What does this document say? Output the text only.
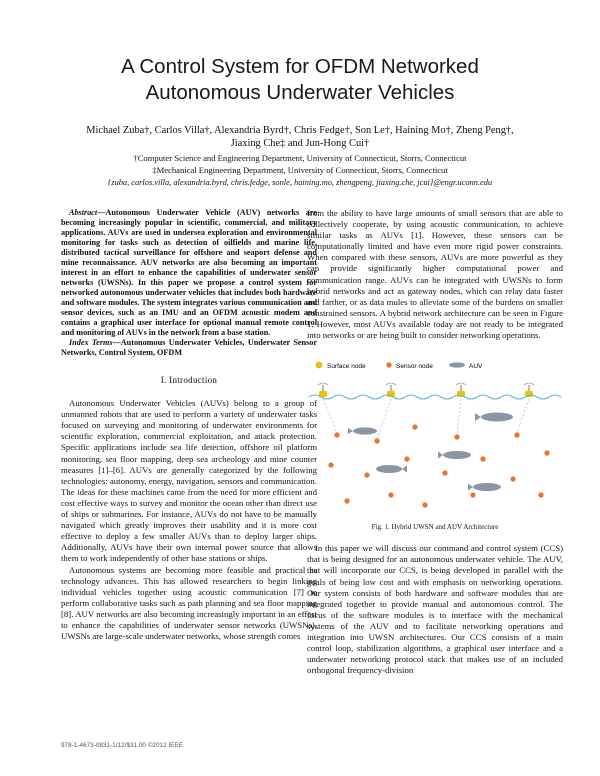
A Control System for OFDM Networked
Autonomous Underwater Vehicles
Michael Zuba†, Carlos Villa†, Alexandria Byrd†, Chris Fedge†, Son Le†, Haining Mo†, Zheng Peng†,
Jiaxing Che‡ and Jun-Hong Cui†
†Computer Science and Engineering Department, University of Connecticut, Storrs, Connecticut
‡Mechanical Engineering Department, University of Connecticut, Storrs, Connecticut
{zuba, carlos.villa, alexandria.byrd, chris.fedge, sonle, haining.mo, zhengpeng, jiaxing.che, jcui}@engr.uconn.edu

Abstract—Autonomous Underwater Vehicle (AUV) networks are becoming increasingly popular in scientific, commercial, and military applications. AUVs are used in undersea exploration and environmental monitoring for tasks such as detection of oilfields and marine life, distributed tactical surveillance for offshore and seaport defense and mine reconnaissance. AUV networks are also becoming an important interest in an effort to enhance the capabilities of underwater sensor networks (UWSNs). In this paper we propose a control system for networked autonomous underwater vehicles that includes both hardware and software modules. The system integrates various communication and sensor devices, such as an IMU and an OFDM acoustic modem and contains a graphical user interface for optional manual remote control and monitoring of AUVs in the network from a base station.

Index Terms—Autonomous Underwater Vehicles, Underwater Sensor Networks, Control System, OFDM

I. Introduction

Autonomous Underwater Vehicles (AUVs) belong to a group of unmanned robots that are used to perform a variety of underwater tasks focused on surveying and monitoring of underwater environments for scientific exploration, commercial exploitation, and attack protection. Specific applications include sea life detection, offshore oil platform monitoring, sea floor mapping, deep sea archeology and mine counter measures [1]–[6]. AUVs are generally categorized by the following technologies: autonomy, energy, navigation, sensors and communication. The ideas for these machines came from the need for more efficient and cost effective ways to survey and monitor the ocean other than direct use of ships or submarines. For instance, AUVs do not have to be manually navigated which greatly improves their usability and it is more cost effective to deploy a few smaller AUVs than to deploy larger ships. Additionally, AUVs have their own internal power source that allows them to work independently of other base stations or ships.

Autonomous systems are becoming more feasible and practical as technology advances. This has allowed researchers to begin linking individual vehicles together using acoustic communication [7] to perform collaborative tasks such as path planning and sea floor mapping [8]. AUV networks are also becoming increasingly important in an effort to enhance the capabilities of underwater sensor networks (UWSNs). UWSNs are large-scale underwater networks, whose strength comes

from the ability to have large amounts of small sensors that are able to collectively cooperate, by using acoustic communication, to achieve similar tasks as AUVs [1]. However, these sensors can be computationally limited and have even more rigid power constraints. When compared with these sensors, AUVs are more powerful as they can provide significantly higher computational power and communication range. AUVs can be integrated with UWSNs to form hybrid networks and act as gateway nodes, which can relay data faster and farther, or as data mules to alleviate some of the burdens on smaller constrained sensors. A hybrid network architecture can be seen in Figure 1. However, most AUVs available today are not ready to be integrated into networks or are being built to consider networking operations.

Surface node	Sensor node	AUV
Fig. 1. Hybrid UWSN and AUV Architecture

In this paper we will discuss our command and control system (CCS) that is being designed for an autonomous underwater vehicle. The AUV, that will incorporate our CCS, is being developed in parallel with the goals of being low cost and with emphasis on networking operations. Our system consists of both hardware and software modules that are integrated together to provide manual and autonomous control. The focus of the software modules is to interface with the mechanical systems of the AUV and to facilitate networking operations and integration into UWSN architectures. Our CCS consists of a main control loop, stabilization algorithms, a graphical user interface and a underwater networking protocol stack that makes use of an included orthogonal frequency-division

978-1-4673-0831-1/12/$31.00 ©2012 IEEE
